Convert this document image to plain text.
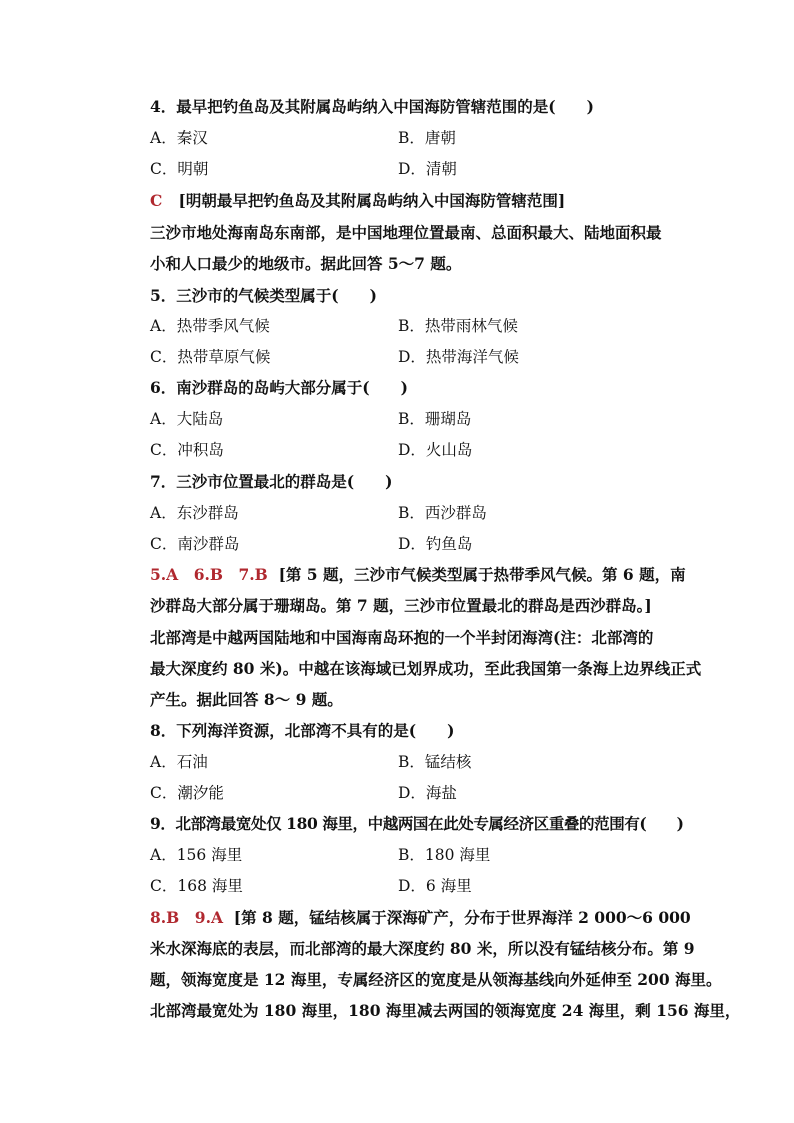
4．最早把钓鱼岛及其附属岛屿纳入中国海防管辖范围的是(　　)
A．秦汉	B．唐朝
C．明朝	D．清朝
C [明朝最早把钓鱼岛及其附属岛屿纳入中国海防管辖范围]
三沙市地处海南岛东南部，是中国地理位置最南、总面积最大、陆地面积最
小和人口最少的地级市。据此回答 5～7 题。
5．三沙市的气候类型属于(　　)
A．热带季风气候	B．热带雨林气候
C．热带草原气候	D．热带海洋气候
6．南沙群岛的岛屿大部分属于(　　)
A．大陆岛	B．珊瑚岛
C．冲积岛	D．火山岛
7．三沙市位置最北的群岛是(　　)
A．东沙群岛	B．西沙群岛
C．南沙群岛	D．钓鱼岛
5.A　6.B　7.B [第 5 题，三沙市气候类型属于热带季风气候。第 6 题，南
沙群岛大部分属于珊瑚岛。第 7 题，三沙市位置最北的群岛是西沙群岛。]
北部湾是中越两国陆地和中国海南岛环抱的一个半封闭海湾(注：北部湾的
最大深度约 80 米)。中越在该海域已划界成功，至此我国第一条海上边界线正式
产生。据此回答 8～ 9 题。
8．下列海洋资源，北部湾不具有的是(　　)
A．石油	B．锰结核
C．潮汐能	D．海盐
9．北部湾最宽处仅 180 海里，中越两国在此处专属经济区重叠的范围有(　　)
A．156 海里	B．180 海里
C．168 海里	D．6 海里
8.B　9.A [第 8 题，锰结核属于深海矿产，分布于世界海洋 2 000～6 000
米水深海底的表层，而北部湾的最大深度约 80 米，所以没有锰结核分布。第 9
题，领海宽度是 12 海里，专属经济区的宽度是从领海基线向外延伸至 200 海里。
北部湾最宽处为 180 海里，180 海里减去两国的领海宽度 24 海里，剩 156 海里，
